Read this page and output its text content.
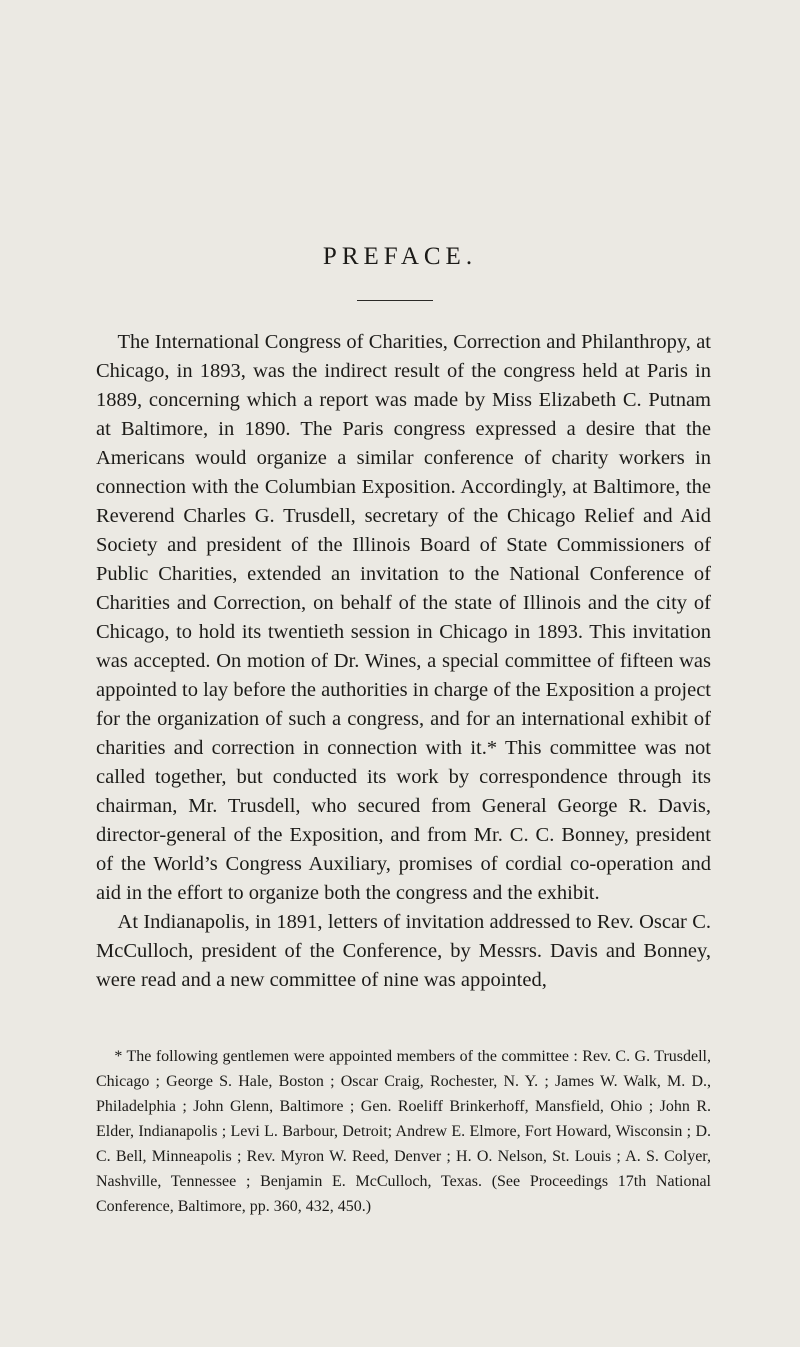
PREFACE.

The International Congress of Charities, Correction and Philanthropy, at Chicago, in 1893, was the indirect result of the congress held at Paris in 1889, concerning which a report was made by Miss Elizabeth C. Putnam at Baltimore, in 1890. The Paris congress expressed a desire that the Americans would organize a similar conference of charity workers in connection with the Columbian Exposition. Accordingly, at Baltimore, the Reverend Charles G. Trusdell, secretary of the Chicago Relief and Aid Society and president of the Illinois Board of State Commissioners of Public Charities, extended an invitation to the National Conference of Charities and Correction, on behalf of the state of Illinois and the city of Chicago, to hold its twentieth session in Chicago in 1893. This invitation was accepted. On motion of Dr. Wines, a special committee of fifteen was appointed to lay before the authorities in charge of the Exposition a project for the organization of such a congress, and for an international exhibit of charities and correction in connection with it.* This committee was not called together, but conducted its work by correspondence through its chairman, Mr. Trusdell, who secured from General George R. Davis, director-general of the Exposition, and from Mr. C. C. Bonney, president of the World’s Congress Auxiliary, promises of cordial co-operation and aid in the effort to organize both the congress and the exhibit.

At Indianapolis, in 1891, letters of invitation addressed to Rev. Oscar C. McCulloch, president of the Conference, by Messrs. Davis and Bonney, were read and a new committee of nine was appointed,

* The following gentlemen were appointed members of the committee : Rev. C. G. Trusdell, Chicago ; George S. Hale, Boston ; Oscar Craig, Rochester, N. Y. ; James W. Walk, M. D., Philadelphia ; John Glenn, Baltimore ; Gen. Roeliff Brinkerhoff, Mansfield, Ohio ; John R. Elder, Indianapolis ; Levi L. Barbour, Detroit; Andrew E. Elmore, Fort Howard, Wisconsin ; D. C. Bell, Minneapolis ; Rev. Myron W. Reed, Denver ; H. O. Nelson, St. Louis ; A. S. Colyer, Nashville, Tennessee ; Benjamin E. McCulloch, Texas. (See Proceedings 17th National Conference, Baltimore, pp. 360, 432, 450.)
